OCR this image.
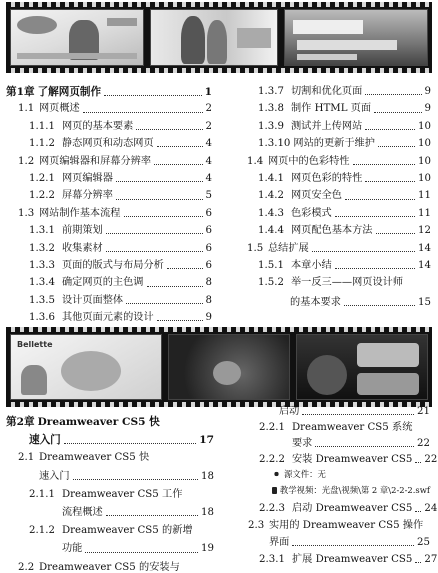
第1章 了解网页制作	1
1.1 网页概述	2
1.1.1 网页的基本要素	2
1.1.2 静态网页和动态网页	4
1.2 网页编辑器和屏幕分辨率	4
1.2.1 网页编辑器	4
1.2.2 屏幕分辨率	5
1.3 网站制作基本流程	6
1.3.1 前期策划	6
1.3.2 收集素材	6
1.3.3 页面的版式与布局分析	6
1.3.4 确定网页的主色调	8
1.3.5 设计页面整体	8
1.3.6 其他页面元素的设计	9
1.3.7 切割和优化页面	9
1.3.8 制作 HTML 页面	9
1.3.9 测试并上传网站	10
1.3.10 网站的更新于维护	10
1.4 网页中的色彩特性	10
1.4.1 网页色彩的特性	10
1.4.2 网页安全色	11
1.4.3 色彩模式	11
1.4.4 网页配色基本方法	12
1.5 总结扩展	14
1.5.1 本章小结	14
1.5.2 举一反三——网页设计师
的基本要求	15
Bellette
第2章 Dreamweaver CS5 快
速入门	17
2.1 Dreamweaver CS5 快
速入门	18
2.1.1 Dreamweaver CS5 工作
流程概述	18
2.1.2 Dreamweaver CS5 的新增
功能	19
2.2 Dreamweaver CS5 的安装与
启动	21
2.2.1 Dreamweaver CS5 系统
要求	22
2.2.2 安装 Dreamweaver CS5 22
源文件：无
教学视频：光盘\视频\第 2 章\2-2-2.swf
2.2.3 启动 Dreamweaver CS5 24
2.3 实用的 Dreamweaver CS5 操作
界面	25
2.3.1 扩展 Dreamweaver CS5 27
